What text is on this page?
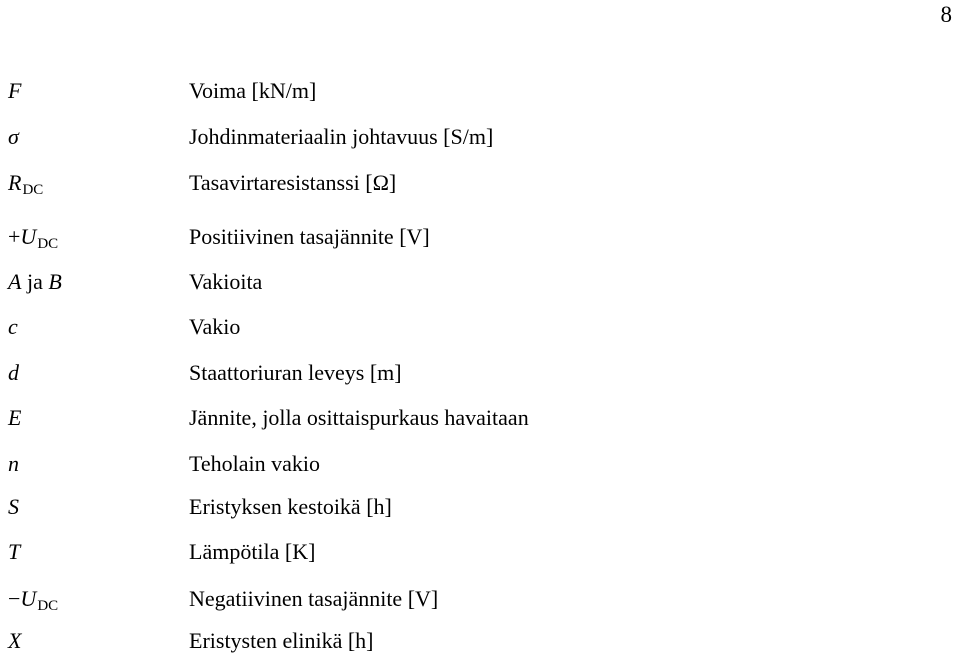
8
F	Voima [kN/m]
σ	Johdinmateriaalin johtavuus [S/m]
$R_{DC}$	Tasavirtaresistanssi [Ω]
$+U_{DC}$	Positiivinen tasajännite [V]
A ja B	Vakioita
c	Vakio
d	Staattoriuran leveys [m]
E	Jännite, jolla osittaispurkaus havaitaan
n	Teholain vakio
S	Eristyksen kestoikä [h]
T	Lämpötila [K]
$-U_{DC}$	Negatiivinen tasajännite [V]
X	Eristysten elinikä [h]
